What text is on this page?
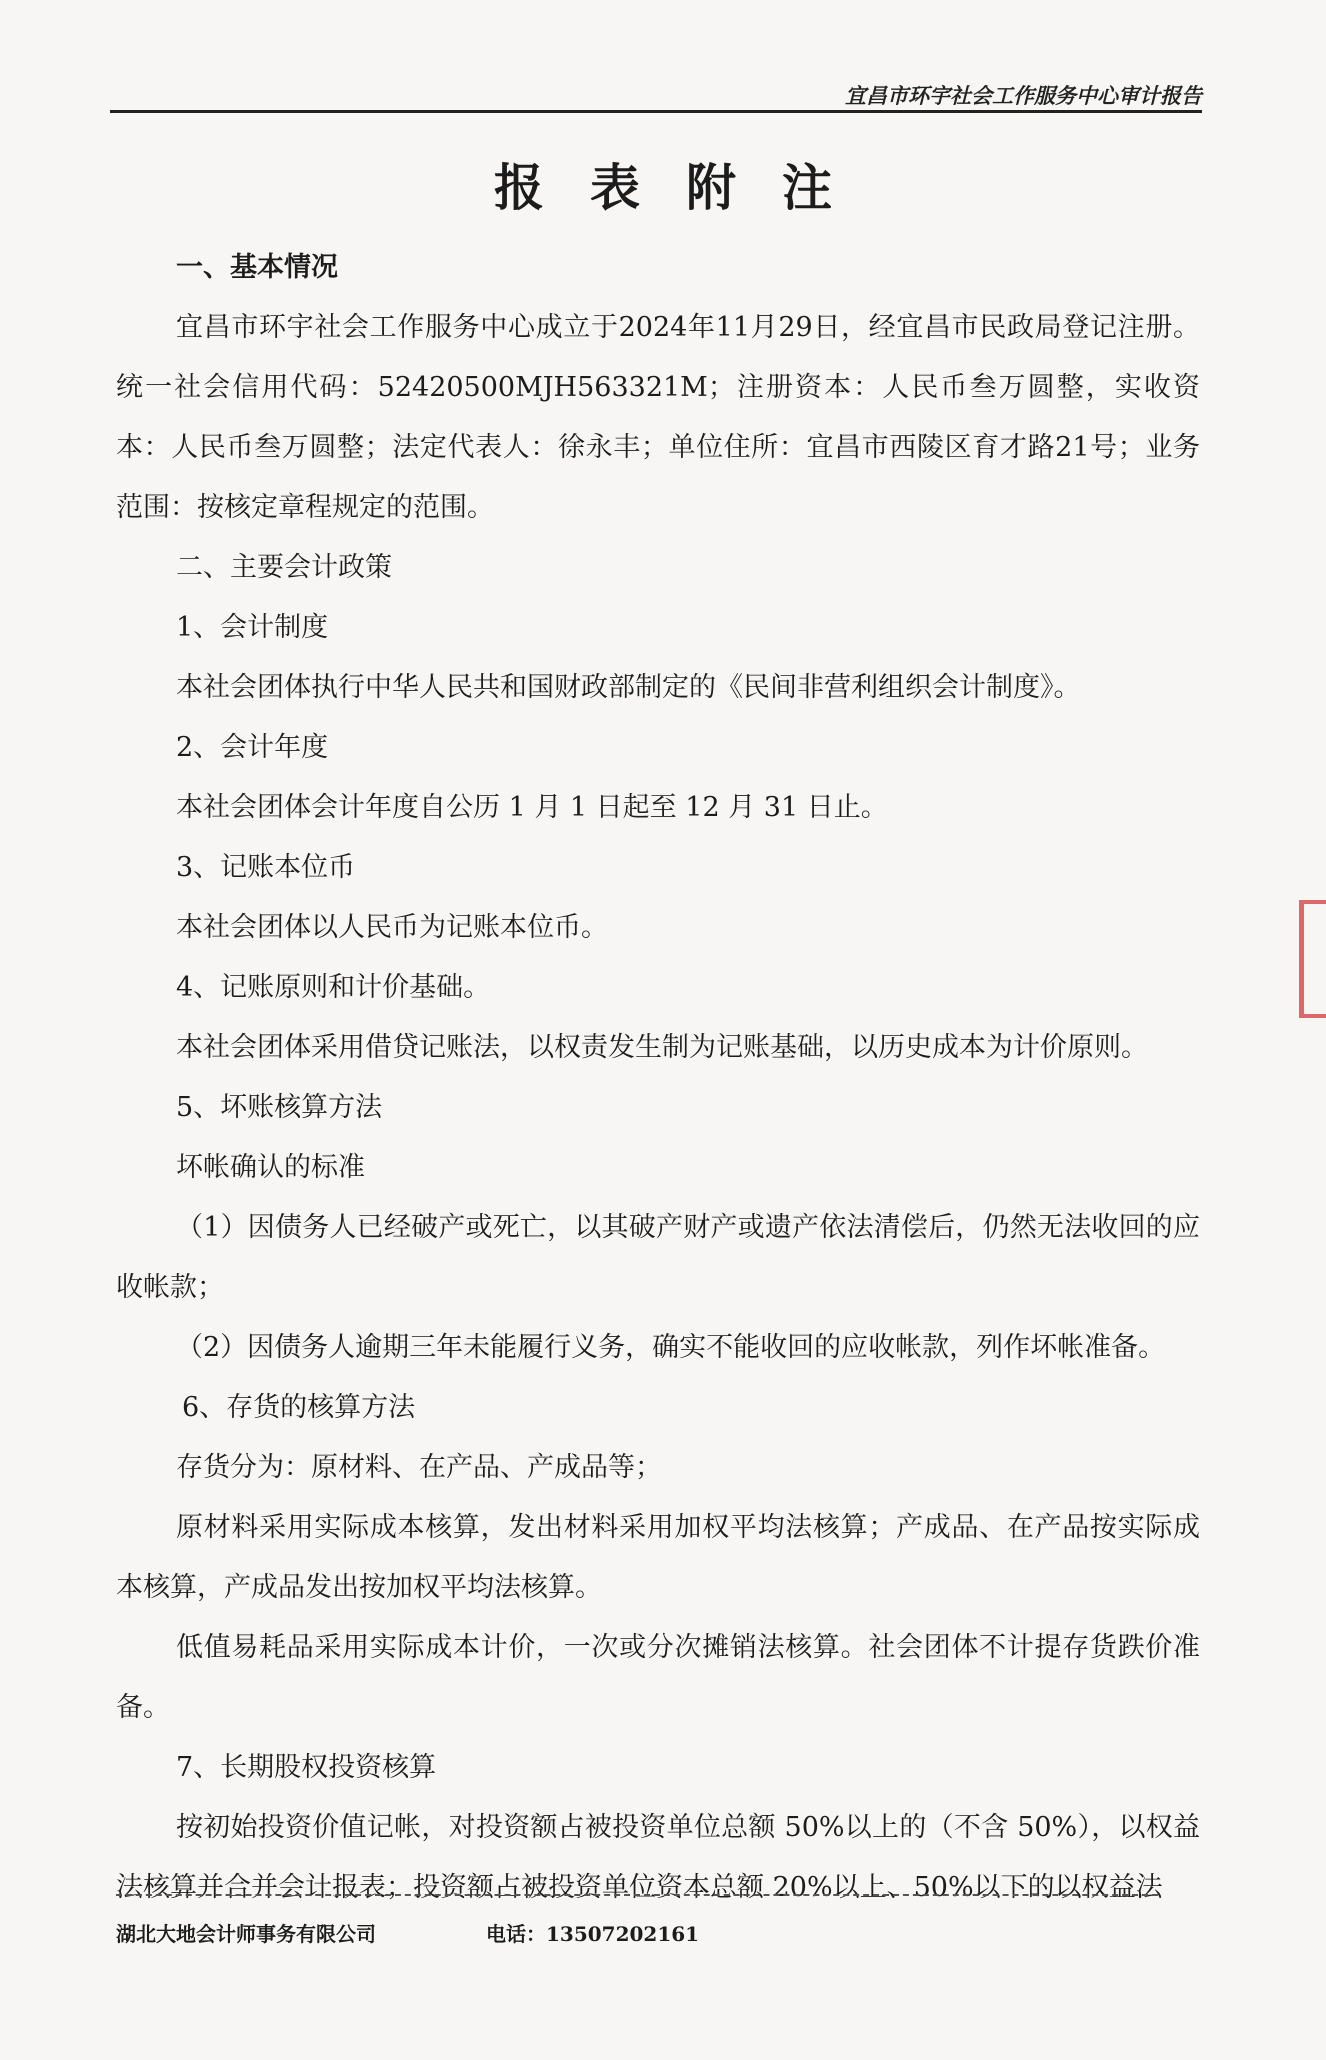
宜昌市环宇社会工作服务中心审计报告
报表附注

一、基本情况

宜昌市环宇社会工作服务中心成立于2024年11月29日，经宜昌市民政局登记注册。统一社会信用代码：52420500MJH563321M；注册资本：人民币叁万圆整，实收资本：人民币叁万圆整；法定代表人：徐永丰；单位住所：宜昌市西陵区育才路21号；业务范围：按核定章程规定的范围。

二、主要会计政策

1、会计制度

本社会团体执行中华人民共和国财政部制定的《民间非营利组织会计制度》。

2、会计年度

本社会团体会计年度自公历 1 月 1 日起至 12 月 31 日止。

3、记账本位币

本社会团体以人民币为记账本位币。

4、记账原则和计价基础。

本社会团体采用借贷记账法，以权责发生制为记账基础，以历史成本为计价原则。

5、坏账核算方法

坏帐确认的标准

（1）因债务人已经破产或死亡，以其破产财产或遗产依法清偿后，仍然无法收回的应收帐款；

（2）因债务人逾期三年未能履行义务，确实不能收回的应收帐款，列作坏帐准备。

6、存货的核算方法

存货分为：原材料、在产品、产成品等；

原材料采用实际成本核算，发出材料采用加权平均法核算；产成品、在产品按实际成本核算，产成品发出按加权平均法核算。

低值易耗品采用实际成本计价，一次或分次摊销法核算。社会团体不计提存货跌价准备。

7、长期股权投资核算

按初始投资价值记帐，对投资额占被投资单位总额 50%以上的（不含 50%），以权益法核算并合并会计报表；投资额占被投资单位资本总额 20%以上、50%以下的以权益法

湖北大地会计师事务有限公司	电话：13507202161
